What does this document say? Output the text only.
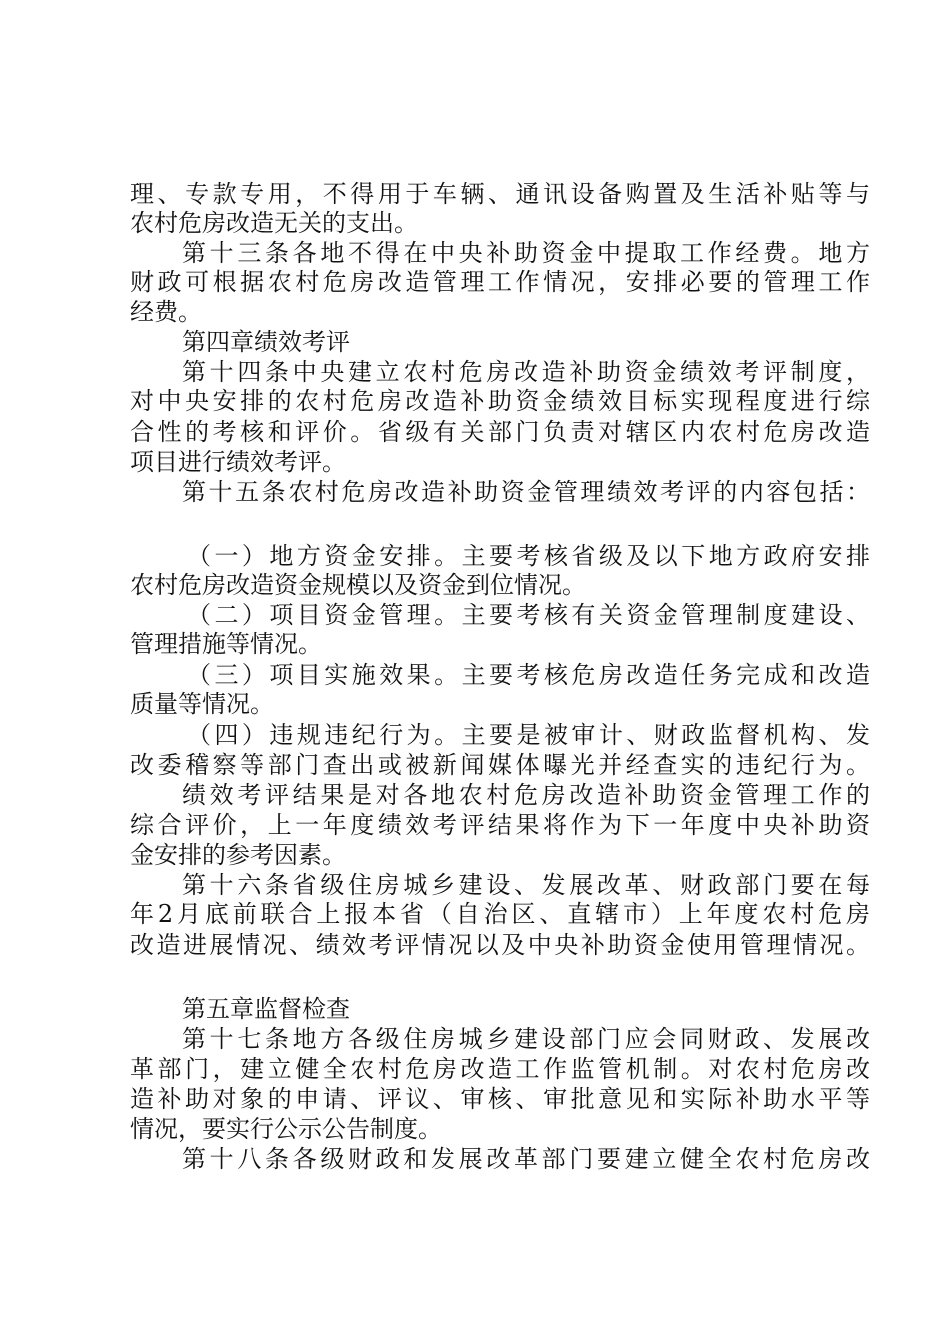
理、专款专用，不得用于车辆、通讯设备购置及生活补贴等与
农村危房改造无关的支出。
第十三条各地不得在中央补助资金中提取工作经费。地方
财政可根据农村危房改造管理工作情况，安排必要的管理工作
经费。
第四章绩效考评
第十四条中央建立农村危房改造补助资金绩效考评制度，
对中央安排的农村危房改造补助资金绩效目标实现程度进行综
合性的考核和评价。省级有关部门负责对辖区内农村危房改造
项目进行绩效考评。
第十五条农村危房改造补助资金管理绩效考评的内容包括：
（一）地方资金安排。主要考核省级及以下地方政府安排
农村危房改造资金规模以及资金到位情况。
（二）项目资金管理。主要考核有关资金管理制度建设、
管理措施等情况。
（三）项目实施效果。主要考核危房改造任务完成和改造
质量等情况。
（四）违规违纪行为。主要是被审计、财政监督机构、发
改委稽察等部门查出或被新闻媒体曝光并经查实的违纪行为。
绩效考评结果是对各地农村危房改造补助资金管理工作的
综合评价，上一年度绩效考评结果将作为下一年度中央补助资
金安排的参考因素。
第十六条省级住房城乡建设、发展改革、财政部门要在每
年2月底前联合上报本省（自治区、直辖市）上年度农村危房
改造进展情况、绩效考评情况以及中央补助资金使用管理情况。
第五章监督检查
第十七条地方各级住房城乡建设部门应会同财政、发展改
革部门，建立健全农村危房改造工作监管机制。对农村危房改
造补助对象的申请、评议、审核、审批意见和实际补助水平等
情况，要实行公示公告制度。
第十八条各级财政和发展改革部门要建立健全农村危房改
